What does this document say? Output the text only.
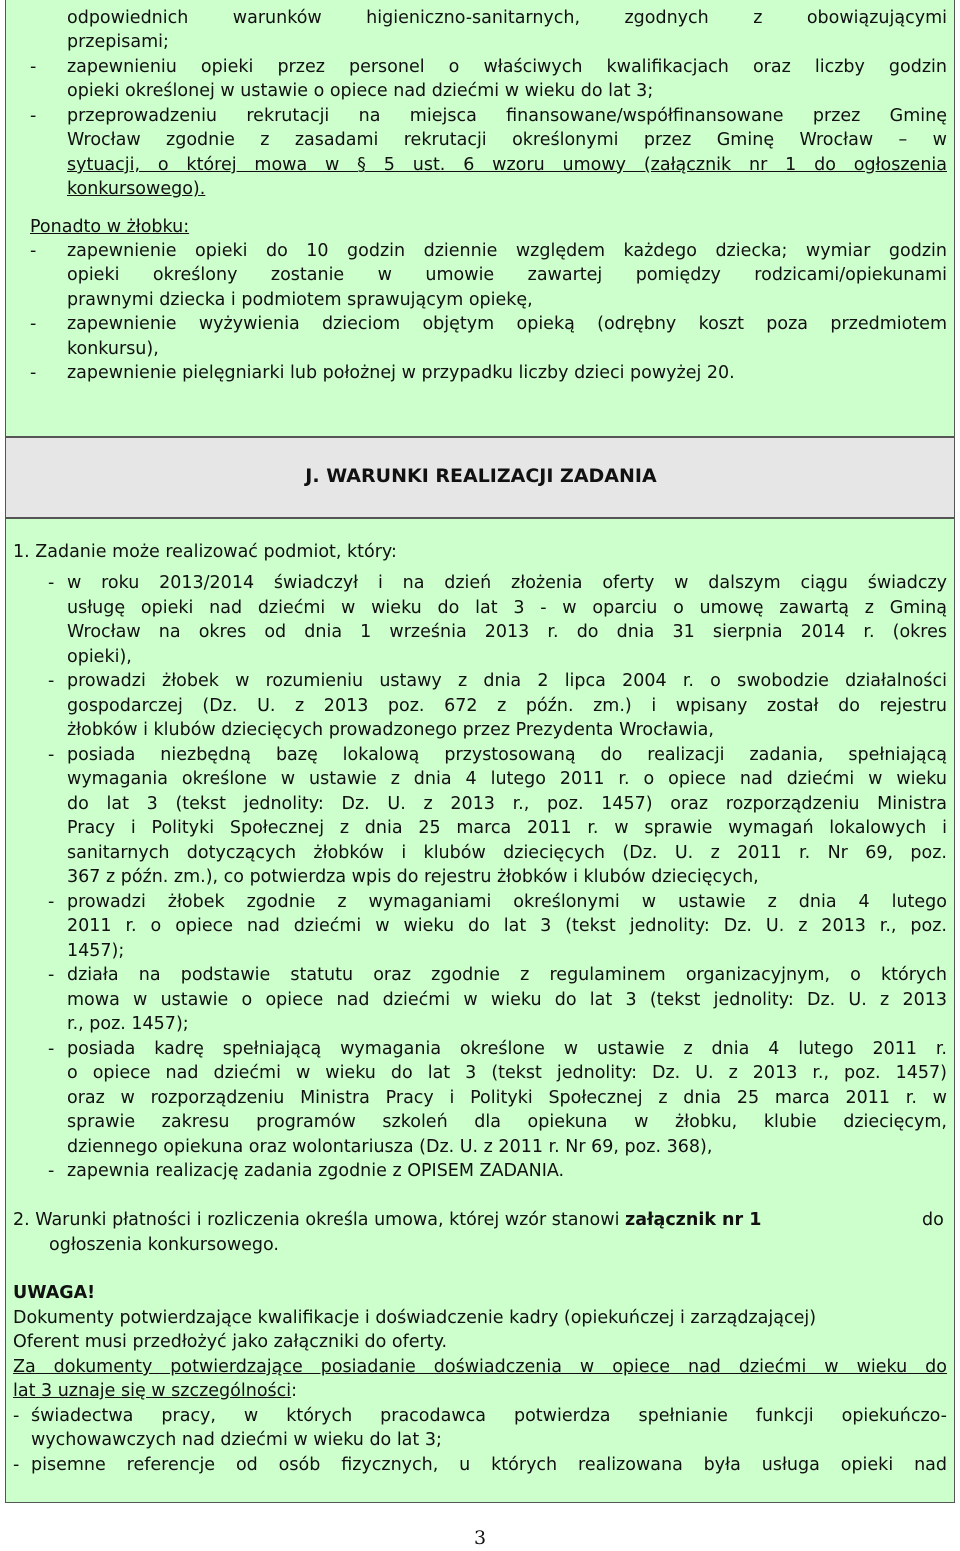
odpowiednich warunków higieniczno-sanitarnych, zgodnych z obowiązującymi
przepisami;
- zapewnieniu opieki przez personel o właściwych kwalifikacjach oraz liczby godzin
opieki określonej w ustawie o opiece nad dziećmi w wieku do lat 3;
- przeprowadzeniu rekrutacji na miejsca finansowane/współfinansowane przez Gminę
Wrocław zgodnie z zasadami rekrutacji określonymi przez Gminę Wrocław – w
sytuacji, o której mowa w § 5 ust. 6 wzoru umowy (załącznik nr 1 do ogłoszenia
konkursowego).
Ponadto w żłobku:
- zapewnienie opieki do 10 godzin dziennie względem każdego dziecka; wymiar godzin
opieki określony zostanie w umowie zawartej pomiędzy rodzicami/opiekunami
prawnymi dziecka i podmiotem sprawującym opiekę,
- zapewnienie wyżywienia dzieciom objętym opieką (odrębny koszt poza przedmiotem
konkursu),
- zapewnienie pielęgniarki lub położnej w przypadku liczby dzieci powyżej 20.
J. WARUNKI REALIZACJI ZADANIA
1. Zadanie może realizować podmiot, który:
- w roku 2013/2014 świadczył i na dzień złożenia oferty w dalszym ciągu świadczy
usługę opieki nad dziećmi w wieku do lat 3 - w oparciu o umowę zawartą z Gminą
Wrocław na okres od dnia 1 września 2013 r. do dnia 31 sierpnia 2014 r. (okres
opieki),
- prowadzi żłobek w rozumieniu ustawy z dnia 2 lipca 2004 r. o swobodzie działalności
gospodarczej (Dz. U. z 2013 poz. 672 z późn. zm.) i wpisany został do rejestru
żłobków i klubów dziecięcych prowadzonego przez Prezydenta Wrocławia,
- posiada niezbędną bazę lokalową przystosowaną do realizacji zadania, spełniającą
wymagania określone w ustawie z dnia 4 lutego 2011 r. o opiece nad dziećmi w wieku
do lat 3 (tekst jednolity: Dz. U. z 2013 r., poz. 1457) oraz rozporządzeniu Ministra
Pracy i Polityki Społecznej z dnia 25 marca 2011 r. w sprawie wymagań lokalowych i
sanitarnych dotyczących żłobków i klubów dziecięcych (Dz. U. z 2011 r. Nr 69, poz.
367 z późn. zm.), co potwierdza wpis do rejestru żłobków i klubów dziecięcych,
- prowadzi żłobek zgodnie z wymaganiami określonymi w ustawie z dnia 4 lutego
2011 r. o opiece nad dziećmi w wieku do lat 3 (tekst jednolity: Dz. U. z 2013 r., poz.
1457);
- działa na podstawie statutu oraz zgodnie z regulaminem organizacyjnym, o których
mowa w ustawie o opiece nad dziećmi w wieku do lat 3 (tekst jednolity: Dz. U. z 2013
r., poz. 1457);
- posiada kadrę spełniającą wymagania określone w ustawie z dnia 4 lutego 2011 r.
o opiece nad dziećmi w wieku do lat 3 (tekst jednolity: Dz. U. z 2013 r., poz. 1457)
oraz w rozporządzeniu Ministra Pracy i Polityki Społecznej z dnia 25 marca 2011 r. w
sprawie zakresu programów szkoleń dla opiekuna w żłobku, klubie dziecięcym,
dziennego opiekuna oraz wolontariusza (Dz. U. z 2011 r. Nr 69, poz. 368),
- zapewnia realizację zadania zgodnie z OPISEM ZADANIA.
2. Warunki płatności i rozliczenia określa umowa, której wzór stanowi załącznik nr 1	do
ogłoszenia konkursowego.
UWAGA!
Dokumenty potwierdzające kwalifikacje i doświadczenie kadry (opiekuńczej i zarządzającej)
Oferent musi przedłożyć jako załączniki do oferty.
Za dokumenty potwierdzające posiadanie doświadczenia w opiece nad dziećmi w wieku do
lat 3 uznaje się w szczególności:
- świadectwa pracy, w których pracodawca potwierdza spełnianie funkcji opiekuńczo-
wychowawczych nad dziećmi w wieku do lat 3;
- pisemne referencje od osób fizycznych, u których realizowana była usługa opieki nad
3
